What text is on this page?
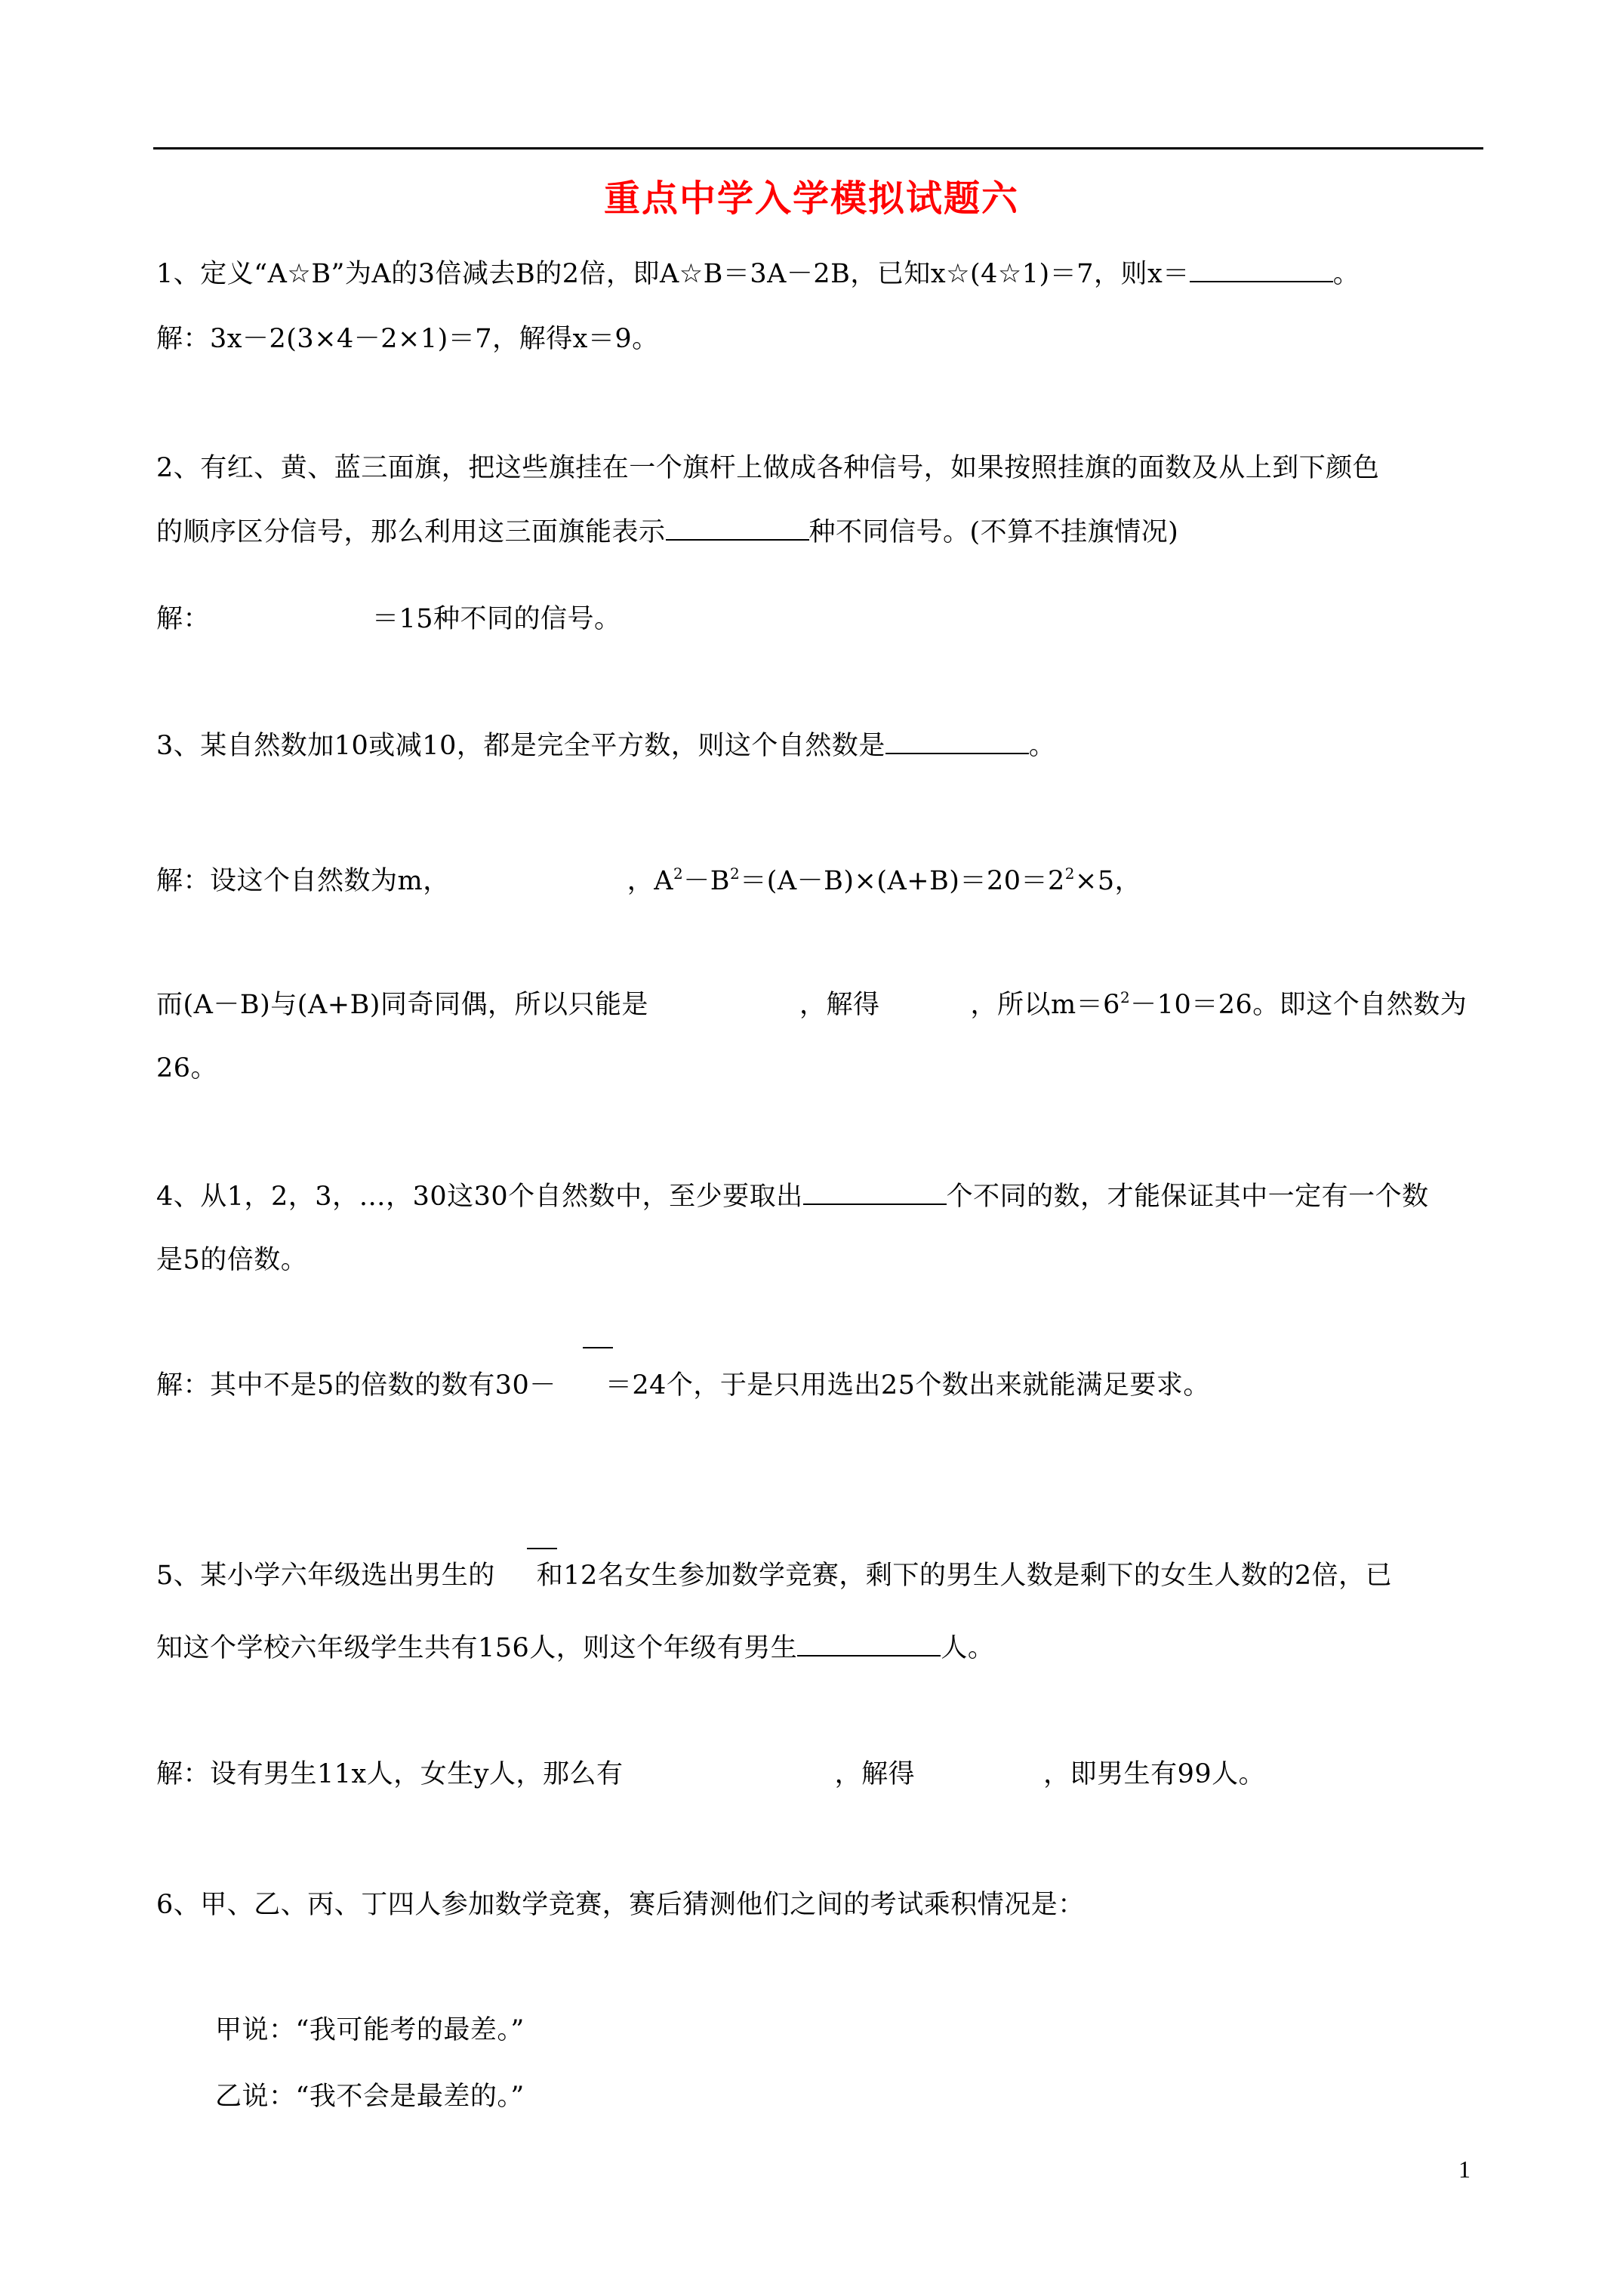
重点中学入学模拟试题六
1、定义“A☆B”为A的3倍减去B的2倍，即A☆B＝3A－2B，已知x☆(4☆1)＝7，则x＝	。
解：3x－2(3×4－2×1)＝7，解得x＝9。
2、有红、黄、蓝三面旗，把这些旗挂在一个旗杆上做成各种信号，如果按照挂旗的面数及从上到下颜色
的顺序区分信号，那么利用这三面旗能表示	种不同信号。(不算不挂旗情况)
解：	＝15种不同的信号。
3、某自然数加10或减10，都是完全平方数，则这个自然数是	。
解：设这个自然数为m，	，$A^2-B^2=(A-B)\times(A+B)=20=2^2\times 5$，
而(A－B)与(A+B)同奇同偶，所以只能是	，解得	，所以$m=6^2-10=26$。即这个自然数为
26。
4、从1，2，3，…，30这30个自然数中，至少要取出	个不同的数，才能保证其中一定有一个数
是5的倍数。
解：其中不是5的倍数的数有30－ ＝24个，于是只用选出25个数出来就能满足要求。
5、某小学六年级选出男生的 和12名女生参加数学竞赛，剩下的男生人数是剩下的女生人数的2倍，已
知这个学校六年级学生共有156人，则这个年级有男生	人。
解：设有男生11x人，女生y人，那么有	，解得	，即男生有99人。
6、甲、乙、丙、丁四人参加数学竞赛，赛后猜测他们之间的考试乘积情况是：
甲说：“我可能考的最差。”
乙说：“我不会是最差的。”
1
